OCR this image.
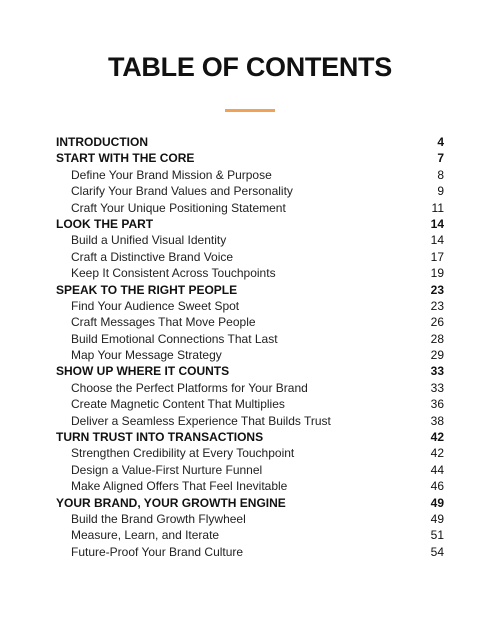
TABLE OF CONTENTS
INTRODUCTION	4
START WITH THE CORE	7
Define Your Brand Mission & Purpose	8
Clarify Your Brand Values and Personality	9
Craft Your Unique Positioning Statement	11
LOOK THE PART	14
Build a Unified Visual Identity	14
Craft a Distinctive Brand Voice	17
Keep It Consistent Across Touchpoints	19
SPEAK TO THE RIGHT PEOPLE	23
Find Your Audience Sweet Spot	23
Craft Messages That Move People	26
Build Emotional Connections That Last	28
Map Your Message Strategy	29
SHOW UP WHERE IT COUNTS	33
Choose the Perfect Platforms for Your Brand	33
Create Magnetic Content That Multiplies	36
Deliver a Seamless Experience That Builds Trust	38
TURN TRUST INTO TRANSACTIONS	42
Strengthen Credibility at Every Touchpoint	42
Design a Value-First Nurture Funnel	44
Make Aligned Offers That Feel Inevitable	46
YOUR BRAND, YOUR GROWTH ENGINE	49
Build the Brand Growth Flywheel	49
Measure, Learn, and Iterate	51
Future-Proof Your Brand Culture	54
